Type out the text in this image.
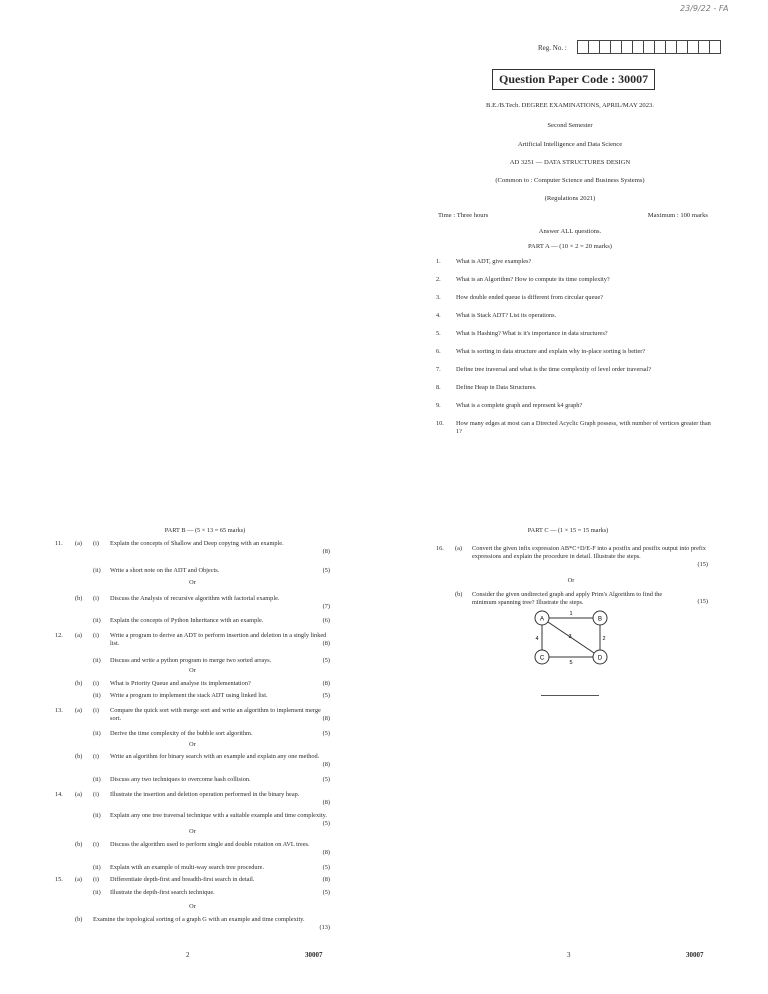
23/9/22 - FA
Reg. No. :
Question Paper Code : 30007
B.E./B.Tech. DEGREE EXAMINATIONS, APRIL/MAY 2023.
Second Semester
Artificial Intelligence and Data Science
AD 3251 — DATA STRUCTURES DESIGN
(Common to : Computer Science and Business Systems)
(Regulations 2021)
Time : Three hours	Maximum : 100 marks
Answer ALL questions.
PART A — (10 × 2 = 20 marks)
1. What is ADT, give examples?
2. What is an Algorithm? How to compute its time complexity?
3. How double ended queue is different from circular queue?
4. What is Stack ADT? List its operations.
5. What is Hashing? What is it's importance in data structures?
6. What is sorting in data structure and explain why in-place sorting is better?
7. Define tree traversal and what is the time complexity of level order traversal?
8. Define Heap in Data Structures.
9. What is a complete graph and represent k4 graph?
10. How many edges at most can a Directed Acyclic Graph possess, with number of vertices greater than 1?
PART B — (5 × 13 = 65 marks)
11. (a) (i) Explain the concepts of Shallow and Deep copying with an example.
(8)
(ii) Write a short note on the ADT and Objects.	(5)
Or
(b) (i) Discuss the Analysis of recursive algorithm with factorial example.
(7)
(ii) Explain the concepts of Python Inheritance with an example.	(6)
12. (a) (i) Write a program to derive an ADT to perform insertion and deletion in a singly linked list.	(8)
(ii) Discuss and write a python program to merge two sorted arrays.	(5)
Or
(b) (i) What is Priority Queue and analyse its implementation?	(8)
(ii) Write a program to implement the stack ADT using linked list.	(5)
13. (a) (i) Compare the quick sort with merge sort and write an algorithm to implement merge sort.	(8)
(ii) Derive the time complexity of the bubble sort algorithm.	(5)
Or
(b) (i) Write an algorithm for binary search with an example and explain any one method.
(8)
(ii) Discuss any two techniques to overcome hash collision.	(5)
14. (a) (i) Illustrate the insertion and deletion operation performed in the binary heap.
(8)
(ii) Explain any one tree traversal technique with a suitable example and time complexity.
(5)
Or
(b) (i) Discuss the algorithm used to perform single and double rotation on AVL trees.
(8)
(ii) Explain with an example of multi-way search tree procedure.	(5)
15. (a) (i) Differentiate depth-first and breadth-first search in detail.	(8)
(ii) Illustrate the depth-first search technique.	(5)
Or
(b) Examine the topological sorting of a graph G with an example and time complexity.
(13)
2	30007
PART C — (1 × 15 = 15 marks)
16. (a) Convert the given infix expression AB*C+D/E-F into a postfix and postfix output into prefix expressions and explain the procedure in detail. Illustrate the steps.
(15)
Or
(b) Consider the given undirected graph and apply Prim's Algorithm to find the minimum spanning tree? Illustrate the steps.	(15)
A	B
C	D
1
4	2
5
3
3	30007
